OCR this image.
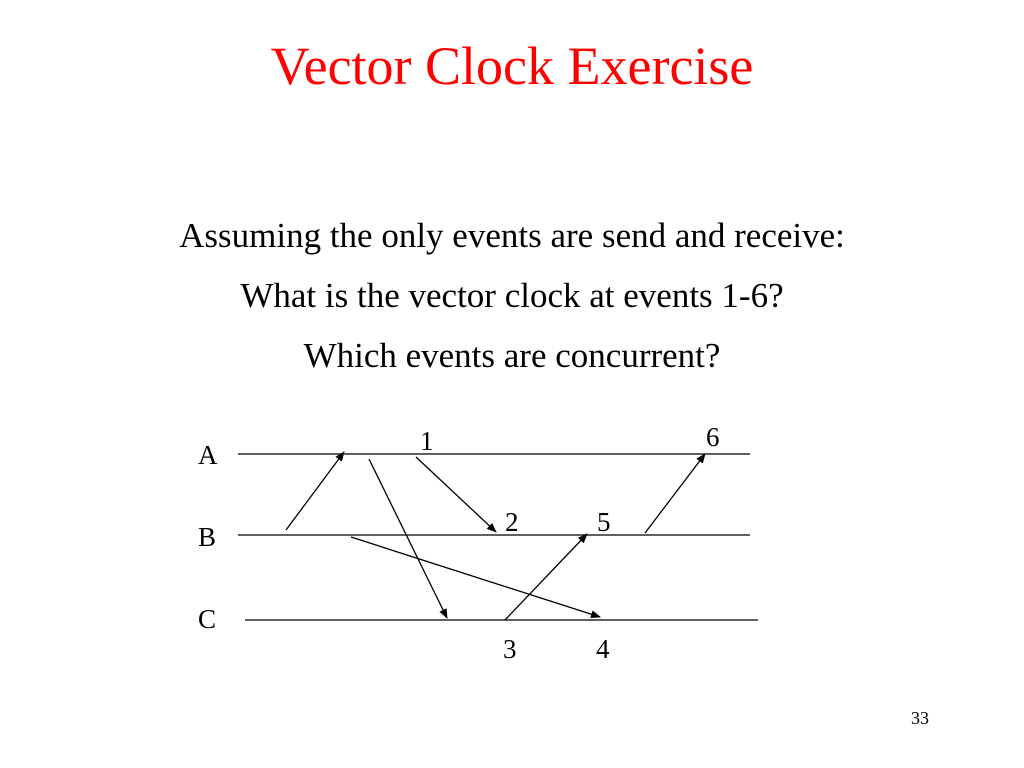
Vector Clock Exercise
Assuming the only events are send and receive:
What is the vector clock at events 1-6?
Which events are concurrent?
A
B
C
1
2
3	4
5
6
33
